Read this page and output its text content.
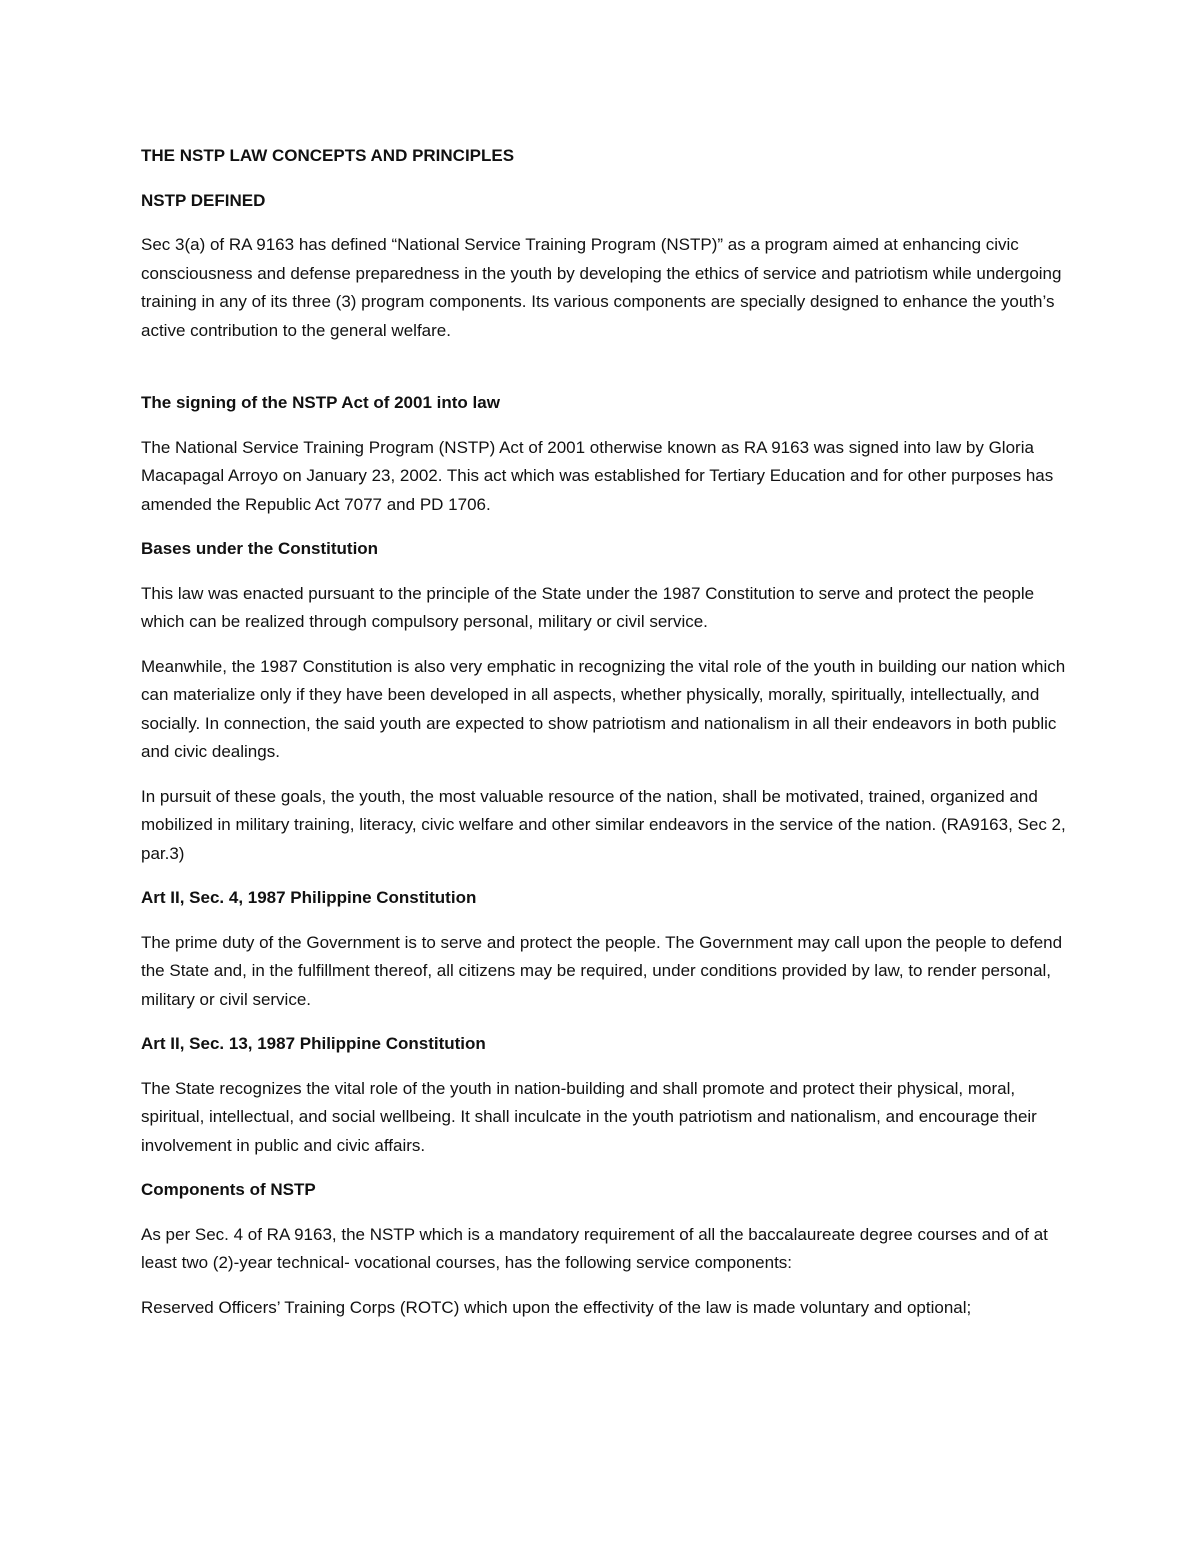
THE NSTP LAW CONCEPTS AND PRINCIPLES

NSTP DEFINED

Sec 3(a) of RA 9163 has defined “National Service Training Program (NSTP)” as a program aimed at enhancing civic consciousness and defense preparedness in the youth by developing the ethics of service and patriotism while undergoing training in any of its three (3) program components. Its various components are specially designed to enhance the youth’s active contribution to the general welfare.

The signing of the NSTP Act of 2001 into law

The National Service Training Program (NSTP) Act of 2001 otherwise known as RA 9163 was signed into law by Gloria Macapagal Arroyo on January 23, 2002. This act which was established for Tertiary Education and for other purposes has amended the Republic Act 7077 and PD 1706.

Bases under the Constitution

This law was enacted pursuant to the principle of the State under the 1987 Constitution to serve and protect the people which can be realized through compulsory personal, military or civil service.

Meanwhile, the 1987 Constitution is also very emphatic in recognizing the vital role of the youth in building our nation which can materialize only if they have been developed in all aspects, whether physically, morally, spiritually, intellectually, and socially. In connection, the said youth are expected to show patriotism and nationalism in all their endeavors in both public and civic dealings.

In pursuit of these goals, the youth, the most valuable resource of the nation, shall be motivated, trained, organized and mobilized in military training, literacy, civic welfare and other similar endeavors in the service of the nation. (RA9163, Sec 2, par.3)

Art II, Sec. 4, 1987 Philippine Constitution

The prime duty of the Government is to serve and protect the people. The Government may call upon the people to defend the State and, in the fulfillment thereof, all citizens may be required, under conditions provided by law, to render personal, military or civil service.

Art II, Sec. 13, 1987 Philippine Constitution

The State recognizes the vital role of the youth in nation-building and shall promote and protect their physical, moral, spiritual, intellectual, and social wellbeing. It shall inculcate in the youth patriotism and nationalism, and encourage their involvement in public and civic affairs.

Components of NSTP

As per Sec. 4 of RA 9163, the NSTP which is a mandatory requirement of all the baccalaureate degree courses and of at least two (2)-year technical- vocational courses, has the following service components:

Reserved Officers’ Training Corps (ROTC) which upon the effectivity of the law is made voluntary and optional;
